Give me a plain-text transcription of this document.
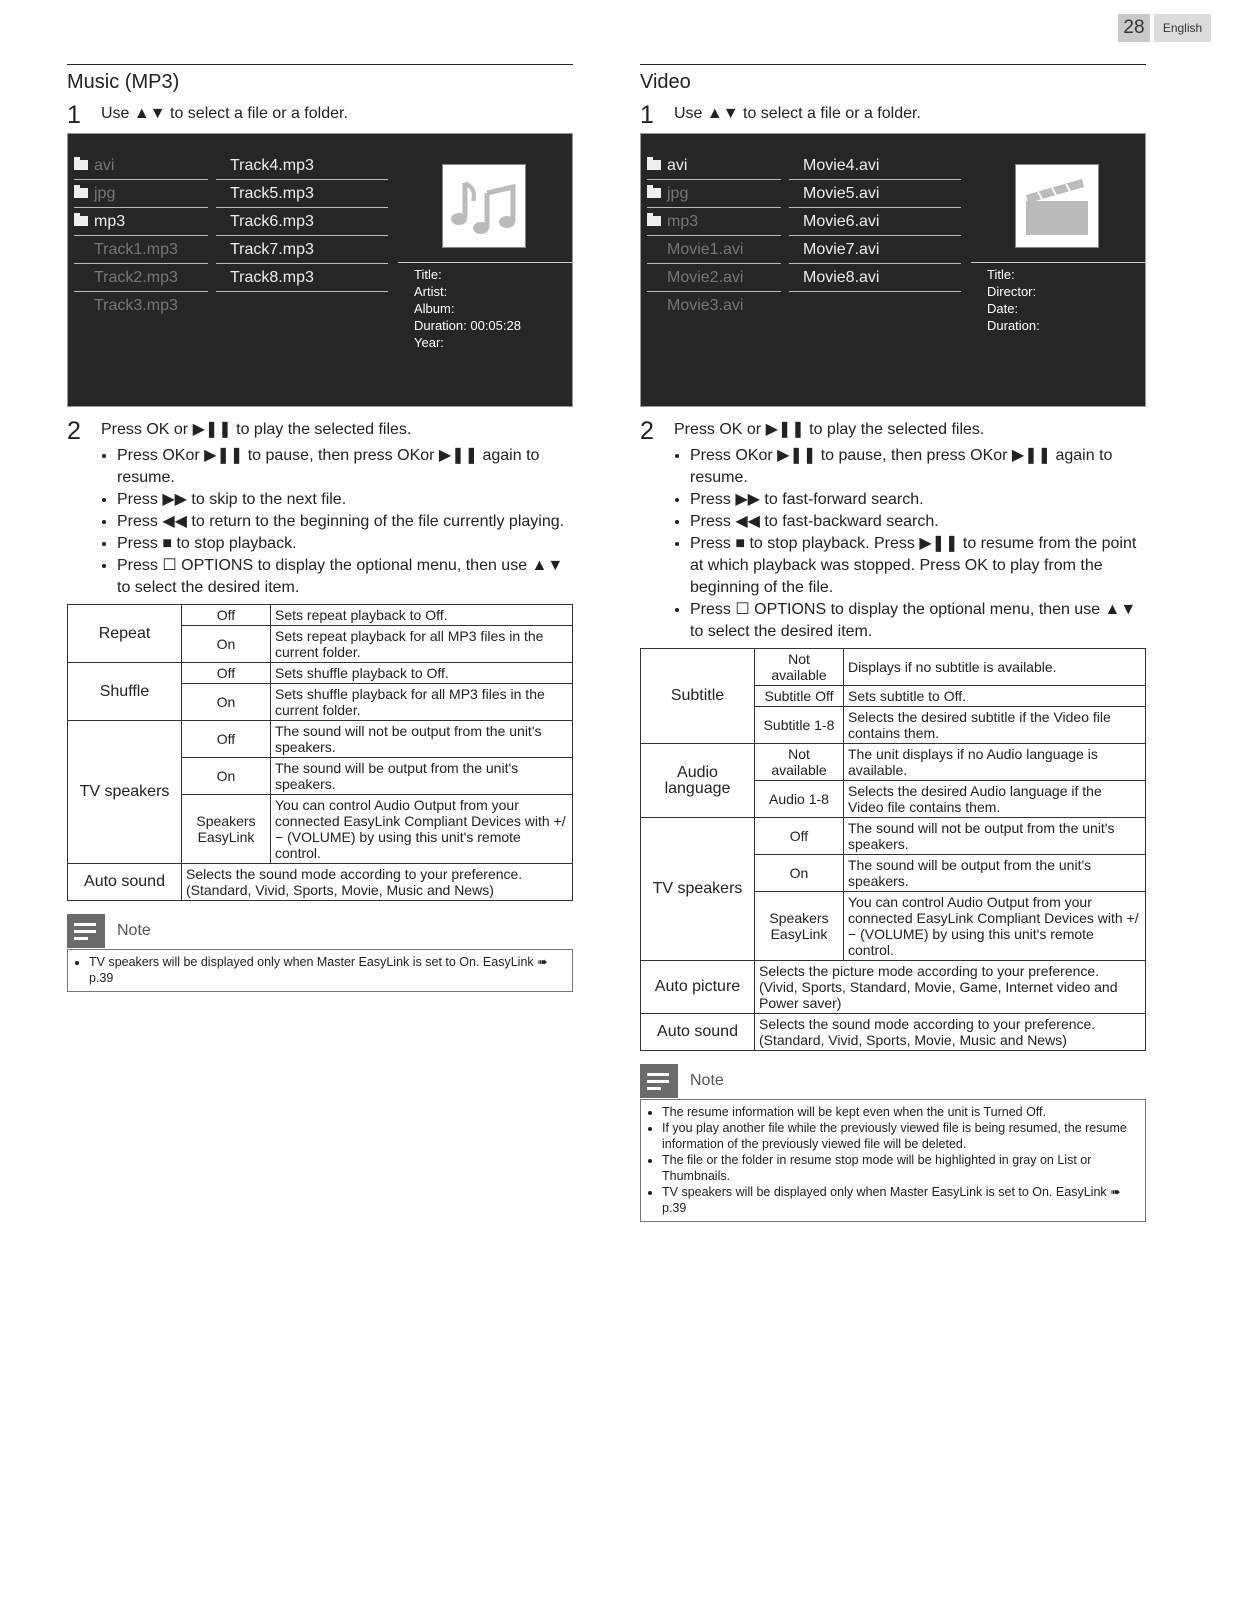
28	English
Music (MP3)
1	Use ▲▼ to select a file or a folder.
avi
jpg
mp3
Track1.mp3
Track2.mp3
Track3.mp3
Track4.mp3
Track5.mp3
Track6.mp3
Track7.mp3
Track8.mp3	Title:
Artist:
Album:
Duration: 00:05:28
Year:
2	Press OK or ▶❚❚ to play the selected files.
• Press OKor ▶❚❚ to pause, then press OKor ▶❚❚ again to resume.
• Press ▶▶ to skip to the next file.
• Press ◀◀ to return to the beginning of the file currently playing.
• Press ■ to stop playback.
• Press ☐ OPTIONS to display the optional menu, then use ▲▼ to select the desired item.
Repeat	Off	Sets repeat playback to Off.
	On	Sets repeat playback for all MP3 files in the current folder.
Shuffle	Off	Sets shuffle playback to Off.
	On	Sets shuffle playback for all MP3 files in the current folder.
TV speakers	Off	The sound will not be output from the unit's speakers.
	On	The sound will be output from the unit's speakers.
	Speakers EasyLink	You can control Audio Output from your connected EasyLink Compliant Devices with +/− (VOLUME) by using this unit's remote control.
Auto sound	Selects the sound mode according to your preference. (Standard, Vivid, Sports, Movie, Music and News)	
Note
• TV speakers will be displayed only when Master EasyLink is set to On. EasyLink ➠ p.39
Video
1	Use ▲▼ to select a file or a folder.
avi
jpg
mp3
Movie1.avi
Movie2.avi
Movie3.avi
Movie4.avi
Movie5.avi
Movie6.avi
Movie7.avi
Movie8.avi	Title:
Director:
Date:
Duration:
2	Press OK or ▶❚❚ to play the selected files.
• Press OKor ▶❚❚ to pause, then press OKor ▶❚❚ again to resume.
• Press ▶▶ to fast-forward search.
• Press ◀◀ to fast-backward search.
• Press ■ to stop playback. Press ▶❚❚ to resume from the point at which playback was stopped. Press OK to play from the beginning of the file.
• Press ☐ OPTIONS to display the optional menu, then use ▲▼ to select the desired item.
Subtitle	Not available	Displays if no subtitle is available.
	Subtitle Off	Sets subtitle to Off.
	Subtitle 1-8	Selects the desired subtitle if the Video file contains them.
Audio language	Not available	The unit displays if no Audio language is available.
	Audio 1-8	Selects the desired Audio language if the Video file contains them.
TV speakers	Off	The sound will not be output from the unit's speakers.
	On	The sound will be output from the unit's speakers.
	Speakers EasyLink	You can control Audio Output from your connected EasyLink Compliant Devices with +/− (VOLUME) by using this unit's remote control.
Auto picture	Selects the picture mode according to your preference. (Vivid, Sports, Standard, Movie, Game, Internet video and Power saver)	
Auto sound	Selects the sound mode according to your preference. (Standard, Vivid, Sports, Movie, Music and News)	
Note
• The resume information will be kept even when the unit is Turned Off.
• If you play another file while the previously viewed file is being resumed, the resume information of the previously viewed file will be deleted.
• The file or the folder in resume stop mode will be highlighted in gray on List or Thumbnails.
• TV speakers will be displayed only when Master EasyLink is set to On. EasyLink ➠ p.39
